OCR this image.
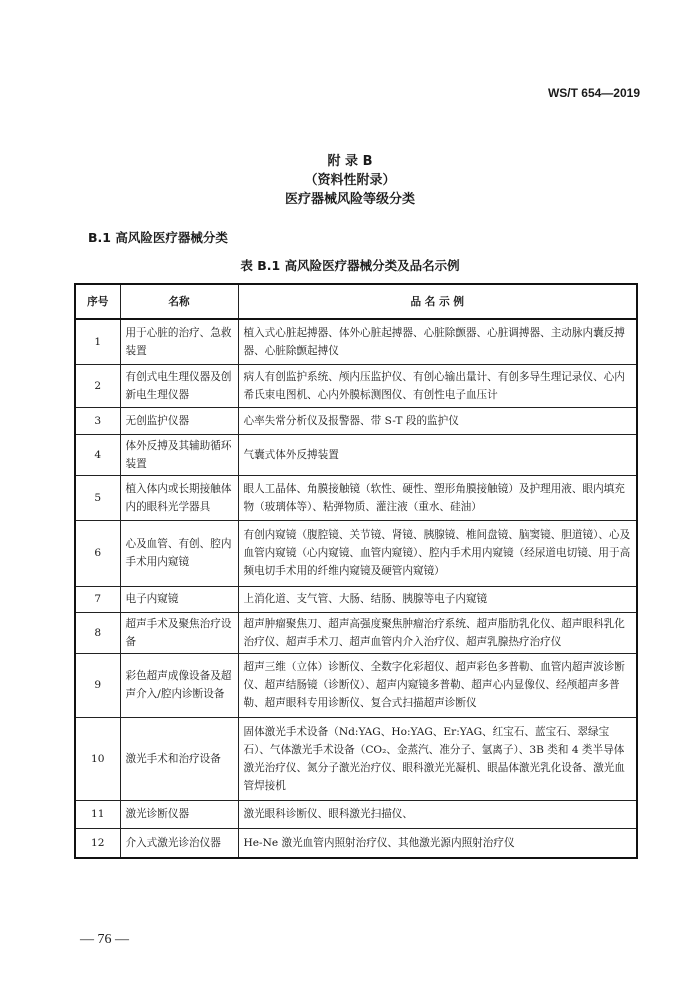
WS/T 654—2019
附 录 B
（资料性附录）
医疗器械风险等级分类
B.1 高风险医疗器械分类
表 B.1 高风险医疗器械分类及品名示例
序号	名称	品 名 示 例
1	用于心脏的治疗、急救装置	植入式心脏起搏器、体外心脏起搏器、心脏除颤器、心脏调搏器、主动脉内囊反搏器、心脏除颤起搏仪
2	有创式电生理仪器及创新电生理仪器	病人有创监护系统、颅内压监护仪、有创心输出量计、有创多导生理记录仪、心内希氏束电图机、心内外膜标测图仪、有创性电子血压计
3	无创监护仪器	心率失常分析仪及报警器、带 S-T 段的监护仪
4	体外反搏及其辅助循环装置	气囊式体外反搏装置
5	植入体内或长期接触体内的眼科光学器具	眼人工晶体、角膜接触镜（软性、硬性、塑形角膜接触镜）及护理用液、眼内填充物（玻璃体等）、粘弹物质、灌注液（重水、硅油）
6	心及血管、有创、腔内手术用内窥镜	有创内窥镜（腹腔镜、关节镜、肾镜、胰腺镜、椎间盘镜、脑窦镜、胆道镜）、心及血管内窥镜（心内窥镜、血管内窥镜）、腔内手术用内窥镜（经尿道电切镜、用于高频电切手术用的纤维内窥镜及硬管内窥镜）
7	电子内窥镜	上消化道、支气管、大肠、结肠、胰腺等电子内窥镜
8	超声手术及聚焦治疗设备	超声肿瘤聚焦刀、超声高强度聚焦肿瘤治疗系统、超声脂肪乳化仪、超声眼科乳化治疗仪、超声手术刀、超声血管内介入治疗仪、超声乳腺热疗治疗仪
9	彩色超声成像设备及超声介入/腔内诊断设备	超声三维（立体）诊断仪、全数字化彩超仪、超声彩色多普勒、血管内超声波诊断仪、超声结肠镜（诊断仪）、超声内窥镜多普勒、超声心内显像仪、经颅超声多普勒、超声眼科专用诊断仪、复合式扫描超声诊断仪
10	激光手术和治疗设备	固体激光手术设备（Nd:YAG、Ho:YAG、Er:YAG、红宝石、蓝宝石、翠绿宝石）、气体激光手术设备（CO₂、金蒸汽、准分子、氩离子）、3B 类和 4 类半导体激光治疗仪、氮分子激光治疗仪、眼科激光光凝机、眼晶体激光乳化设备、激光血管焊接机
11	激光诊断仪器	激光眼科诊断仪、眼科激光扫描仪、
12	介入式激光诊治仪器	He-Ne 激光血管内照射治疗仪、其他激光源内照射治疗仪
— 76 —
